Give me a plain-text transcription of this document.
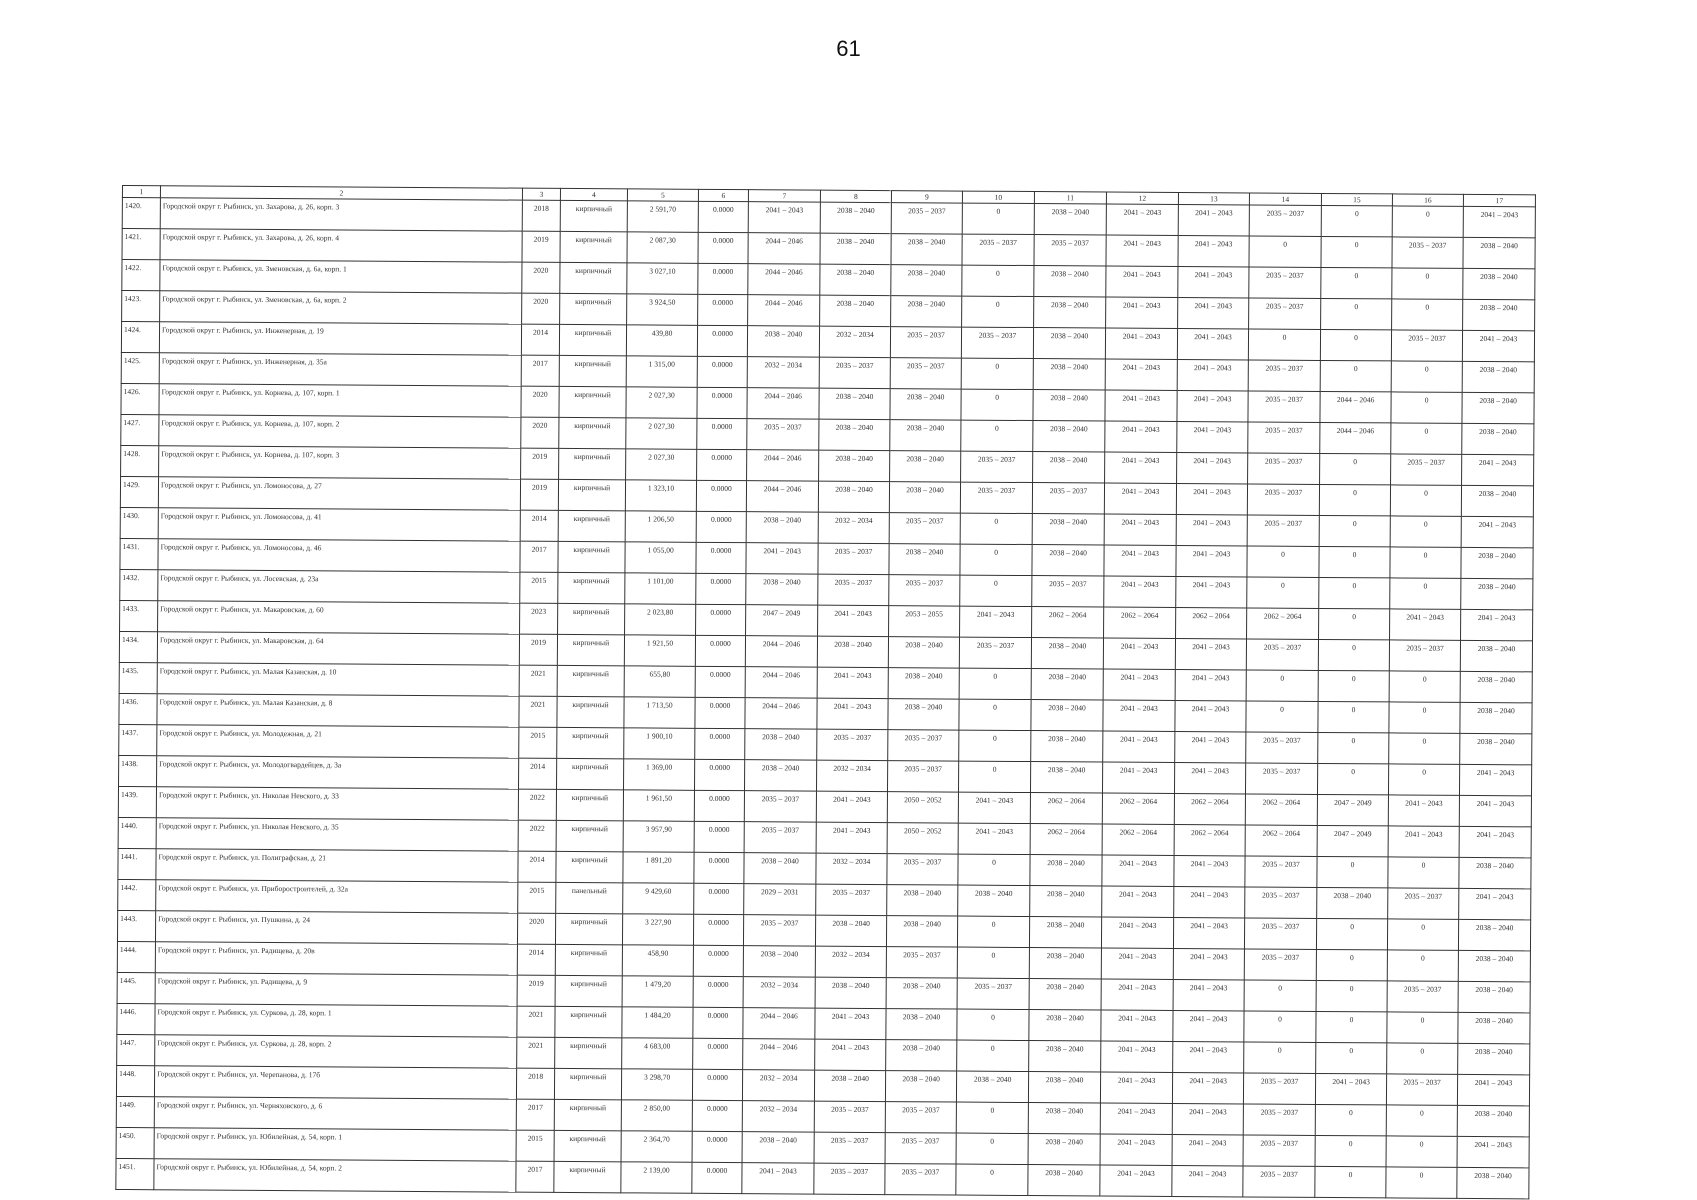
61
1	2	3	4	5	6	7	8	9	10	11	12	13	14	15	16	17
1420.	Городской округ г. Рыбинск, ул. Захарова, д. 26, корп. 3	2018	кирпичный	2 591,70	0.0000	2041 – 2043	2038 – 2040	2035 – 2037	0	2038 – 2040	2041 – 2043	2041 – 2043	2035 – 2037	0	0	2041 – 2043
1421.	Городской округ г. Рыбинск, ул. Захарова, д. 26, корп. 4	2019	кирпичный	2 087,30	0.0000	2044 – 2046	2038 – 2040	2038 – 2040	2035 – 2037	2035 – 2037	2041 – 2043	2041 – 2043	0	0	2035 – 2037	2038 – 2040
1422.	Городской округ г. Рыбинск, ул. Зменовская, д. 6а, корп. 1	2020	кирпичный	3 027,10	0.0000	2044 – 2046	2038 – 2040	2038 – 2040	0	2038 – 2040	2041 – 2043	2041 – 2043	2035 – 2037	0	0	2038 – 2040
1423.	Городской округ г. Рыбинск, ул. Зменовская, д. 6а, корп. 2	2020	кирпичный	3 924,50	0.0000	2044 – 2046	2038 – 2040	2038 – 2040	0	2038 – 2040	2041 – 2043	2041 – 2043	2035 – 2037	0	0	2038 – 2040
1424.	Городской округ г. Рыбинск, ул. Инженерная, д. 19	2014	кирпичный	439,80	0.0000	2038 – 2040	2032 – 2034	2035 – 2037	2035 – 2037	2038 – 2040	2041 – 2043	2041 – 2043	0	0	2035 – 2037	2041 – 2043
1425.	Городской округ г. Рыбинск, ул. Инженерная, д. 35а	2017	кирпичный	1 315,00	0.0000	2032 – 2034	2035 – 2037	2035 – 2037	0	2038 – 2040	2041 – 2043	2041 – 2043	2035 – 2037	0	0	2038 – 2040
1426.	Городской округ г. Рыбинск, ул. Корнева, д. 107, корп. 1	2020	кирпичный	2 027,30	0.0000	2044 – 2046	2038 – 2040	2038 – 2040	0	2038 – 2040	2041 – 2043	2041 – 2043	2035 – 2037	2044 – 2046	0	2038 – 2040
1427.	Городской округ г. Рыбинск, ул. Корнева, д. 107, корп. 2	2020	кирпичный	2 027,30	0.0000	2035 – 2037	2038 – 2040	2038 – 2040	0	2038 – 2040	2041 – 2043	2041 – 2043	2035 – 2037	2044 – 2046	0	2038 – 2040
1428.	Городской округ г. Рыбинск, ул. Корнева, д. 107, корп. 3	2019	кирпичный	2 027,30	0.0000	2044 – 2046	2038 – 2040	2038 – 2040	2035 – 2037	2038 – 2040	2041 – 2043	2041 – 2043	2035 – 2037	0	2035 – 2037	2041 – 2043
1429.	Городской округ г. Рыбинск, ул. Ломоносова, д. 27	2019	кирпичный	1 323,10	0.0000	2044 – 2046	2038 – 2040	2038 – 2040	2035 – 2037	2035 – 2037	2041 – 2043	2041 – 2043	2035 – 2037	0	0	2038 – 2040
1430.	Городской округ г. Рыбинск, ул. Ломоносова, д. 41	2014	кирпичный	1 206,50	0.0000	2038 – 2040	2032 – 2034	2035 – 2037	0	2038 – 2040	2041 – 2043	2041 – 2043	2035 – 2037	0	0	2041 – 2043
1431.	Городской округ г. Рыбинск, ул. Ломоносова, д. 46	2017	кирпичный	1 055,00	0.0000	2041 – 2043	2035 – 2037	2038 – 2040	0	2038 – 2040	2041 – 2043	2041 – 2043	0	0	0	2038 – 2040
1432.	Городской округ г. Рыбинск, ул. Лосевская, д. 23а	2015	кирпичный	1 101,00	0.0000	2038 – 2040	2035 – 2037	2035 – 2037	0	2035 – 2037	2041 – 2043	2041 – 2043	0	0	0	2038 – 2040
1433.	Городской округ г. Рыбинск, ул. Макаровская, д. 60	2023	кирпичный	2 023,80	0.0000	2047 – 2049	2041 – 2043	2053 – 2055	2041 – 2043	2062 – 2064	2062 – 2064	2062 – 2064	2062 – 2064	0	2041 – 2043	2041 – 2043
1434.	Городской округ г. Рыбинск, ул. Макаровская, д. 64	2019	кирпичный	1 921,50	0.0000	2044 – 2046	2038 – 2040	2038 – 2040	2035 – 2037	2038 – 2040	2041 – 2043	2041 – 2043	2035 – 2037	0	2035 – 2037	2038 – 2040
1435.	Городской округ г. Рыбинск, ул. Малая Казанская, д. 10	2021	кирпичный	655,80	0.0000	2044 – 2046	2041 – 2043	2038 – 2040	0	2038 – 2040	2041 – 2043	2041 – 2043	0	0	0	2038 – 2040
1436.	Городской округ г. Рыбинск, ул. Малая Казанская, д. 8	2021	кирпичный	1 713,50	0.0000	2044 – 2046	2041 – 2043	2038 – 2040	0	2038 – 2040	2041 – 2043	2041 – 2043	0	0	0	2038 – 2040
1437.	Городской округ г. Рыбинск, ул. Молодежная, д. 21	2015	кирпичный	1 900,10	0.0000	2038 – 2040	2035 – 2037	2035 – 2037	0	2038 – 2040	2041 – 2043	2041 – 2043	2035 – 2037	0	0	2038 – 2040
1438.	Городской округ г. Рыбинск, ул. Молодогвардейцев, д. 3а	2014	кирпичный	1 369,00	0.0000	2038 – 2040	2032 – 2034	2035 – 2037	0	2038 – 2040	2041 – 2043	2041 – 2043	2035 – 2037	0	0	2041 – 2043
1439.	Городской округ г. Рыбинск, ул. Николая Невского, д. 33	2022	кирпичный	1 961,50	0.0000	2035 – 2037	2041 – 2043	2050 – 2052	2041 – 2043	2062 – 2064	2062 – 2064	2062 – 2064	2062 – 2064	2047 – 2049	2041 – 2043	2041 – 2043
1440.	Городской округ г. Рыбинск, ул. Николая Невского, д. 35	2022	кирпичный	3 957,90	0.0000	2035 – 2037	2041 – 2043	2050 – 2052	2041 – 2043	2062 – 2064	2062 – 2064	2062 – 2064	2062 – 2064	2047 – 2049	2041 – 2043	2041 – 2043
1441.	Городской округ г. Рыбинск, ул. Полиграфская, д. 21	2014	кирпичный	1 891,20	0.0000	2038 – 2040	2032 – 2034	2035 – 2037	0	2038 – 2040	2041 – 2043	2041 – 2043	2035 – 2037	0	0	2038 – 2040
1442.	Городской округ г. Рыбинск, ул. Приборостроителей, д. 32а	2015	панельный	9 429,60	0.0000	2029 – 2031	2035 – 2037	2038 – 2040	2038 – 2040	2038 – 2040	2041 – 2043	2041 – 2043	2035 – 2037	2038 – 2040	2035 – 2037	2041 – 2043
1443.	Городской округ г. Рыбинск, ул. Пушкина, д. 24	2020	кирпичный	3 227,90	0.0000	2035 – 2037	2038 – 2040	2038 – 2040	0	2038 – 2040	2041 – 2043	2041 – 2043	2035 – 2037	0	0	2038 – 2040
1444.	Городской округ г. Рыбинск, ул. Радищева, д. 20в	2014	кирпичный	458,90	0.0000	2038 – 2040	2032 – 2034	2035 – 2037	0	2038 – 2040	2041 – 2043	2041 – 2043	2035 – 2037	0	0	2038 – 2040
1445.	Городской округ г. Рыбинск, ул. Радищева, д. 9	2019	кирпичный	1 479,20	0.0000	2032 – 2034	2038 – 2040	2038 – 2040	2035 – 2037	2038 – 2040	2041 – 2043	2041 – 2043	0	0	2035 – 2037	2038 – 2040
1446.	Городской округ г. Рыбинск, ул. Суркова, д. 28, корп. 1	2021	кирпичный	1 484,20	0.0000	2044 – 2046	2041 – 2043	2038 – 2040	0	2038 – 2040	2041 – 2043	2041 – 2043	0	0	0	2038 – 2040
1447.	Городской округ г. Рыбинск, ул. Суркова, д. 28, корп. 2	2021	кирпичный	4 683,00	0.0000	2044 – 2046	2041 – 2043	2038 – 2040	0	2038 – 2040	2041 – 2043	2041 – 2043	0	0	0	2038 – 2040
1448.	Городской округ г. Рыбинск, ул. Черепанова, д. 17б	2018	кирпичный	3 298,70	0.0000	2032 – 2034	2038 – 2040	2038 – 2040	2038 – 2040	2038 – 2040	2041 – 2043	2041 – 2043	2035 – 2037	2041 – 2043	2035 – 2037	2041 – 2043
1449.	Городской округ г. Рыбинск, ул. Черняховского, д. 6	2017	кирпичный	2 850,00	0.0000	2032 – 2034	2035 – 2037	2035 – 2037	0	2038 – 2040	2041 – 2043	2041 – 2043	2035 – 2037	0	0	2038 – 2040
1450.	Городской округ г. Рыбинск, ул. Юбилейная, д. 54, корп. 1	2015	кирпичный	2 364,70	0.0000	2038 – 2040	2035 – 2037	2035 – 2037	0	2038 – 2040	2041 – 2043	2041 – 2043	2035 – 2037	0	0	2041 – 2043
1451.	Городской округ г. Рыбинск, ул. Юбилейная, д. 54, корп. 2	2017	кирпичный	2 139,00	0.0000	2041 – 2043	2035 – 2037	2035 – 2037	0	2038 – 2040	2041 – 2043	2041 – 2043	2035 – 2037	0	0	2038 – 2040
